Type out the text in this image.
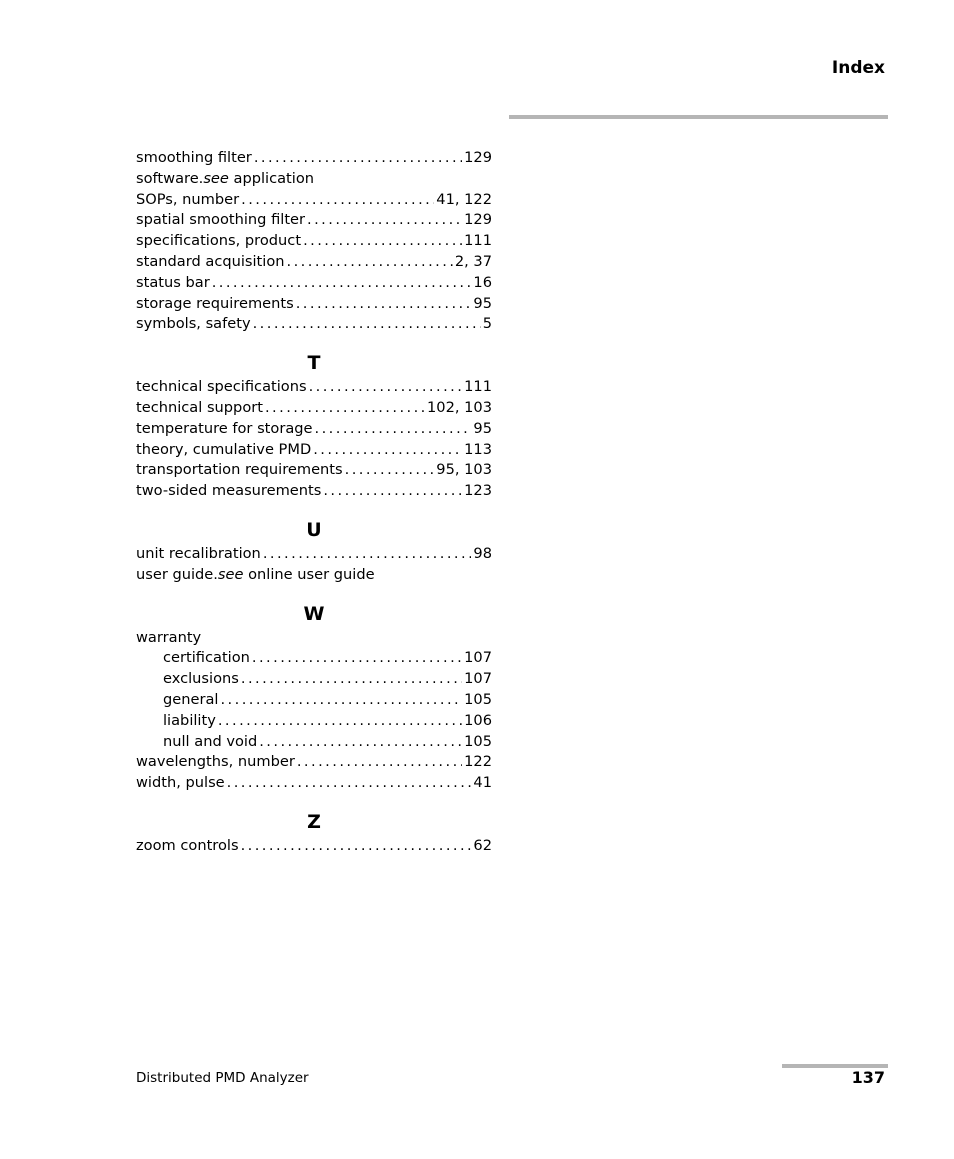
Index
smoothing filter . . .	129
software. see
application
SOPs, number . . .	41, 122
spatial smoothing filter . . .	129
specifications, product . . .	111
standard acquisition . . .	2, 37
status bar . . .	16
storage requirements . . .	95
symbols, safety . . .	5
T
technical specifications . . .	111
technical support . . .	102, 103
temperature for storage . . .	95
theory, cumulative PMD . . .	113
transportation requirements . . .	95, 103
two-sided measurements . . .	123
U
unit recalibration . . .	98
user guide. see
online user guide
W
warranty
certification . . .	107
exclusions . . .	107
general . . .	105
liability . . .	106
null and void . . .	105
wavelengths, number . . .	122
width, pulse . . .	41
Z
zoom controls . . .	62
Distributed PMD Analyzer	137
